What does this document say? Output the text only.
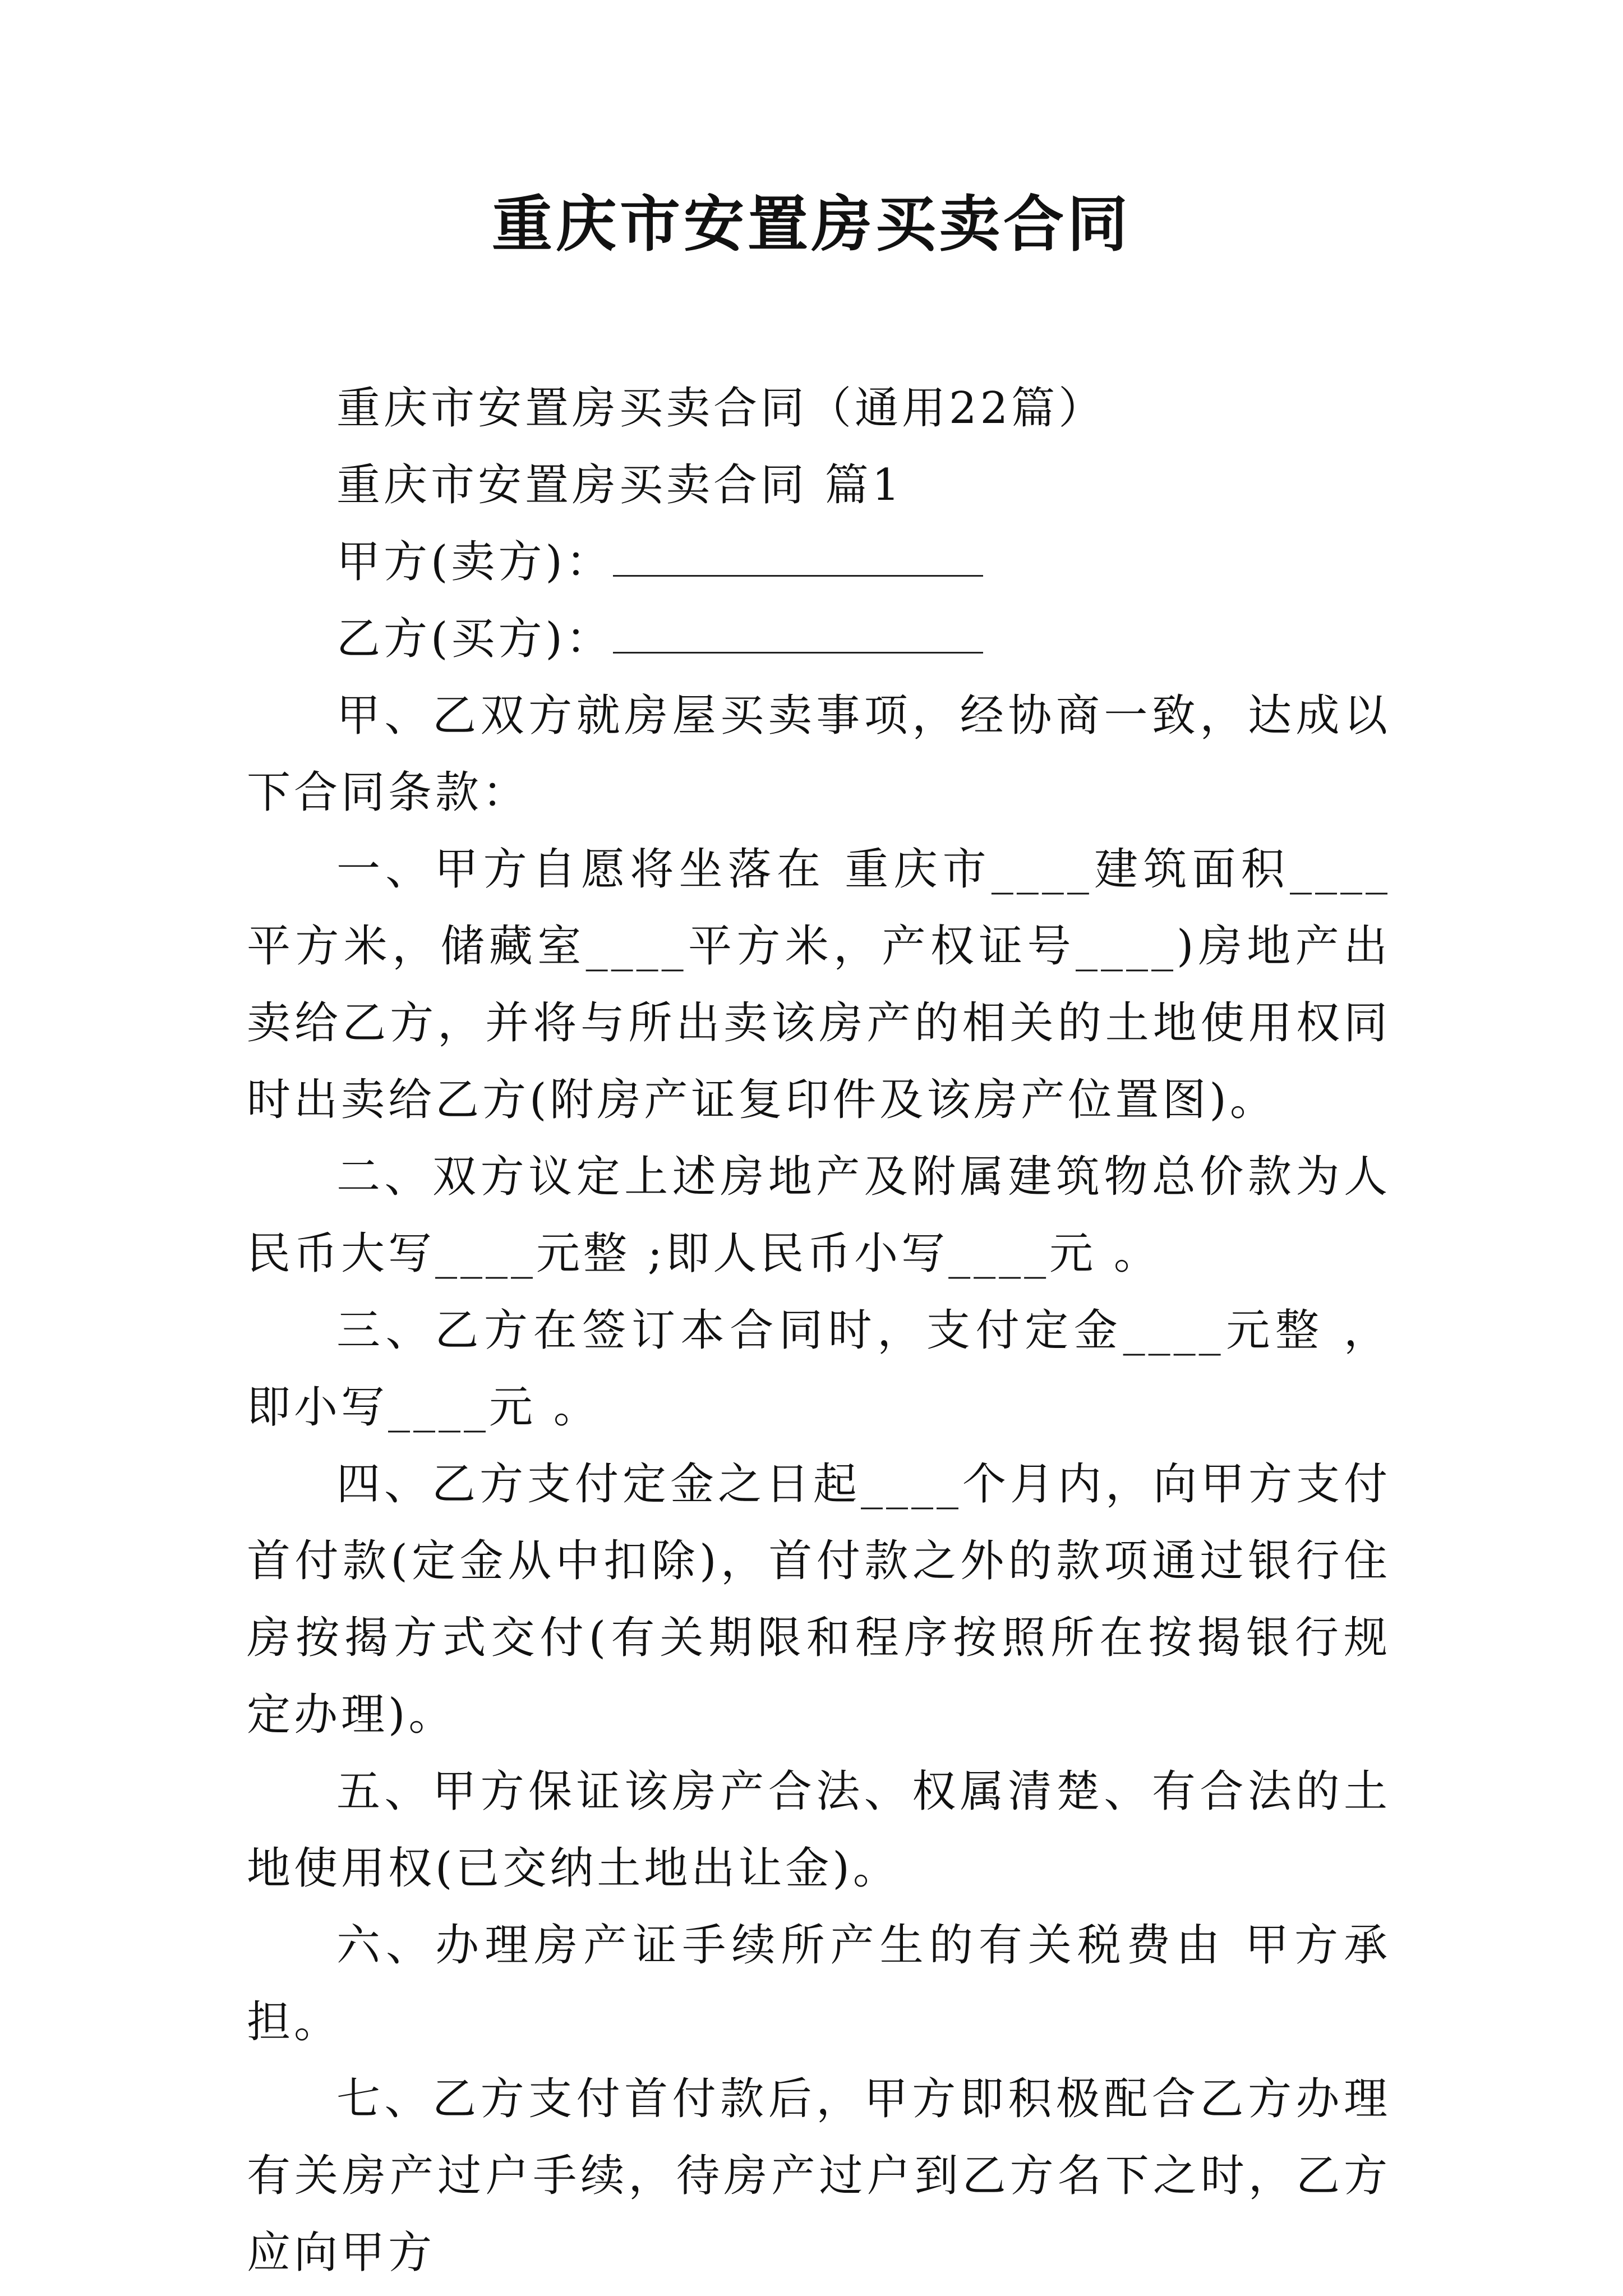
重庆市安置房买卖合同

重庆市安置房买卖合同（通用22篇）

重庆市安置房买卖合同 篇1

甲方(卖方)：

乙方(买方)：

甲、乙双方就房屋买卖事项，经协商一致，达成以下合同条款：

一、甲方自愿将坐落在 重庆市____建筑面积____平方米，储藏室____平方米，产权证号____)房地产出卖给乙方，并将与所出卖该房产的相关的土地使用权同时出卖给乙方(附房产证复印件及该房产位置图)。

二、双方议定上述房地产及附属建筑物总价款为人民币大写____元整 ;即人民币小写____元 。

三、乙方在签订本合同时，支付定金____元整 ，即小写____元 。

四、乙方支付定金之日起____个月内，向甲方支付首付款(定金从中扣除)，首付款之外的款项通过银行住房按揭方式交付(有关期限和程序按照所在按揭银行规定办理)。

五、甲方保证该房产合法、权属清楚、有合法的土地使用权(已交纳土地出让金)。

六、办理房产证手续所产生的有关税费由 甲方承担。

七、乙方支付首付款后，甲方即积极配合乙方办理有关房产过户手续，待房产过户到乙方名下之时，乙方应向甲方
